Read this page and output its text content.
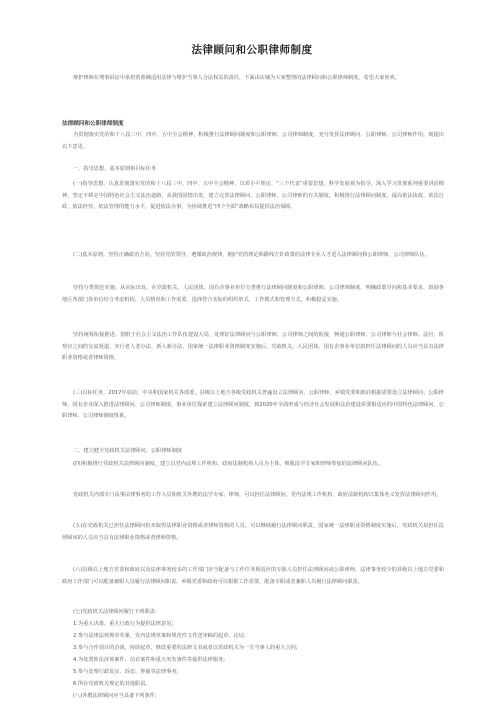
法律顾问和公职律师制度

辩护律师在刑事诉讼中承担着准确适用法律与维护当事人合法权益的责任，下面由店铺为大家整理的法律顾问和公职律师制度，希望大家喜欢。

法律顾问和公职律师制度

为贯彻落实党的和十八届三中、四中、五中全会精神，积极推行法律顾问制度和公职律师、公司律师制度，充分发挥法律顾问、公职律师、公司律师作用，现提出以下意见。

一、指导思想、基本原则和目标任务

(一)指导思想。认真贯彻落实党的和十八届三中、四中、五中全会精神，以邓小平理论、“三个代表”重要思想、科学发展观为指导，深入学习贯彻系列重要讲话精神，坚定不移走中国特色社会主义法治道路，从我国国情出发，建立完善法律顾问、公职律师、公司律师的有关制度，积极推行法律顾问制度，提高依法执政、依法行政、依法经营、依法管理的能力水平，促进依法办事，为协调推进“四个全面”战略布局提供法治保障。

(二)基本原则。坚持正确政治方向。坚持党的领导，遵循政治规律，拥护党的理论和路线方针政策的法律专业人才进入法律顾问和公职律师、公司律师队伍。

坚持分类规范实施。从实际出发，在党政机关、人民团体、国有企事业单位分类推行法律顾问制度和公职律师、公司律师制度，明确政策导向和基本要求，鼓励各地区各部门各单位结合考虑机构、人员情况和工作需要，选择符合实际的组织形式、工作模式和管理方式，积极稳妥实施。

坚持统筹衔接推进。着眼于社会主义法治工作队伍建设大局，处理好法律顾问与公职律师、公司律师之间的衔接，畅通公职律师、公司律师与社会律师、法官、检察官之间的交流渠道，实行老人老办法、新人新办法，国家统一法律职业资格制度实施后，党政机关、人民团体、国有企事业单位拟担任法律顾问的人员应当具有法律职业资格或者律师资格。

(三)目标任务。2017年底前，中央和国家机关各部委，县级以上地方各级党政机关普遍设立法律顾问、公职律师，乡镇党委和政府根据需要设立法律顾问、公职律师，国有企业深入推进法律顾问、公司律师制度，事业单位探索建立法律顾问制度，到2020年全面形成与经济社会发展和法治建设需要相适应的中国特色法律顾问、公职律师、公司律师制度体系。

二、建立健全党政机关法律顾问、公职律师制度

(四)积极推行党政机关法律顾问制度，建立以党内法规工作机构、政府法制机构人员为主体，吸收法学专家和律师参加的法律顾问队伍。

党政机关内部专门从事法律事务的工作人员和机关外聘的法学专家、律师，可以担任法律顾问。党内法规工作机构、政府法制机构以集体名义发挥法律顾问作用。

(五)在党政机关已担任法律顾问但未取得法律职业资格或者律师资格的人员，可以继续履行法律顾问职责。国家统一法律职业资格制度实施后，党政机关拟担任法律顾问的人员应当具有法律职业资格或者律师资格。

(六)县级以上地方党委和政府以及法律事务较多的工作部门应当配备与工作任务相适应的专职人员担任法律顾问或公职律师，法律事务较少的县级以上地方党委和政府工作部门可以配备兼职人员履行法律顾问职责。乡镇党委和政府可以根据工作需要，配备专职或者兼职人员履行法律顾问职责。

(七)党政机关法律顾问履行下列职责:

1.为重大决策、重大行政行为提供法律意见;

2.参与法律法规规章草案、党内法规草案和规范性文件送审稿的起草、论证;

3.参与合作项目的洽谈，协助起草、修改重要的法律文书或者以党政机关为一方当事人的重大合同;

4.为处置涉法涉诉案件、信访案件和重大突发事件等提供法律服务;

5.参与处理行政复议、诉讼、仲裁等法律事务;

6.所在党政机关规定的其他职责。

(八)外聘法律顾问应当具备下列条件:
